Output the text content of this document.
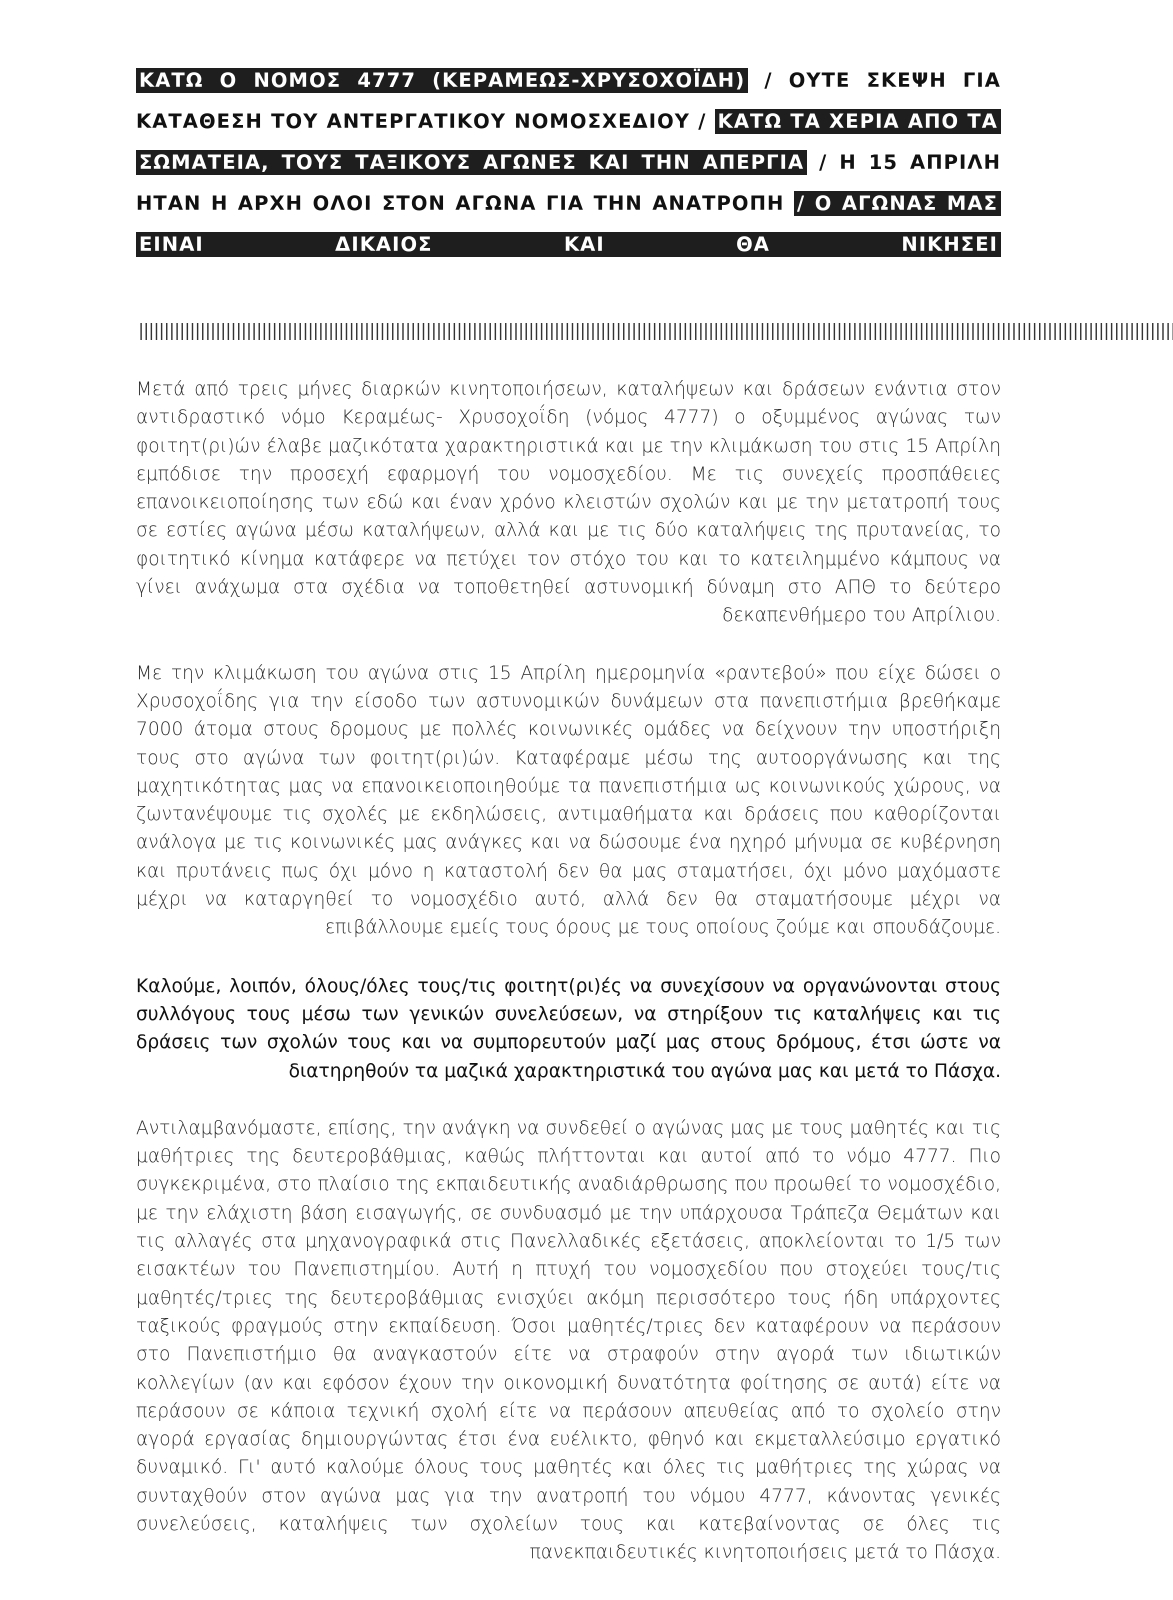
ΚΑΤΩ Ο ΝΟΜΟΣ 4777 (ΚΕΡΑΜΕΩΣ-ΧΡΥΣΟΧΟΪΔΗ) / ΟΥΤΕ ΣΚΕΨΗ ΓΙΑ ΚΑΤΑΘΕΣΗ ΤΟΥ ΑΝΤΕΡΓΑΤΙΚΟΥ ΝΟΜΟΣΧΕΔΙΟΥ / ΚΑΤΩ ΤΑ ΧΕΡΙΑ ΑΠΟ ΤΑ ΣΩΜΑΤΕΙΑ, ΤΟΥΣ ΤΑΞΙΚΟΥΣ ΑΓΩΝΕΣ ΚΑΙ ΤΗΝ ΑΠΕΡΓΙΑ / Η 15 ΑΠΡΙΛΗ ΗΤΑΝ Η ΑΡΧΗ ΟΛΟΙ ΣΤΟΝ ΑΓΩΝΑ ΓΙΑ ΤΗΝ ΑΝΑΤΡΟΠΗ / Ο ΑΓΩΝΑΣ ΜΑΣ ΕΙΝΑΙ ΔΙΚΑΙΟΣ ΚΑΙ ΘΑ ΝΙΚΗΣΕΙ

||||||||||||||||||||||||||||||||||||||||||||||||||||||||||||||||||||||||||||||||||||||||||||||||||||||||||||||||||||||||||||||||||||||||||||||||||||||||||||||||||||||||||||||||||||||||||||||||||||||||||

Μετά από τρεις μήνες διαρκών κινητοποιήσεων, καταλήψεων και δράσεων ενάντια στον αντιδραστικό νόμο Κεραμέως- Χρυσοχοΐδη (νόμος 4777) ο οξυμμένος αγώνας των φοιτητ(ρι)ών έλαβε μαζικότατα χαρακτηριστικά και με την κλιμάκωση του στις 15 Απρίλη εμπόδισε την προσεχή εφαρμογή του νομοσχεδίου. Με τις συνεχείς προσπάθειες επανοικειοποίησης των εδώ και έναν χρόνο κλειστών σχολών και με την μετατροπή τους σε εστίες αγώνα μέσω καταλήψεων, αλλά και με τις δύο καταλήψεις της πρυτανείας, το φοιτητικό κίνημα κατάφερε να πετύχει τον στόχο του και το κατειλημμένο κάμπους να γίνει ανάχωμα στα σχέδια να τοποθετηθεί αστυνομική δύναμη στο ΑΠΘ το δεύτερο δεκαπενθήμερο του Απρίλιου.

Με την κλιμάκωση του αγώνα στις 15 Απρίλη ημερομηνία «ραντεβού» που είχε δώσει ο Χρυσοχοΐδης για την είσοδο των αστυνομικών δυνάμεων στα πανεπιστήμια βρεθήκαμε 7000 άτομα στους δρομους με πολλές κοινωνικές ομάδες να δείχνουν την υποστήριξη τους στο αγώνα των φοιτητ(ρι)ών. Καταφέραμε μέσω της αυτοοργάνωσης και της μαχητικότητας μας να επανοικειοποιηθούμε τα πανεπιστήμια ως κοινωνικούς χώρους, να ζωντανέψουμε τις σχολές με εκδηλώσεις, αντιμαθήματα και δράσεις που καθορίζονται ανάλογα με τις κοινωνικές μας ανάγκες και να δώσουμε ένα ηχηρό μήνυμα σε κυβέρνηση και πρυτάνεις πως όχι μόνο η καταστολή δεν θα μας σταματήσει, όχι μόνο μαχόμαστε μέχρι να καταργηθεί το νομοσχέδιο αυτό, αλλά δεν θα σταματήσουμε μέχρι να επιβάλλουμε εμείς τους όρους με τους οποίους ζούμε και σπουδάζουμε.

Καλούμε, λοιπόν, όλους/όλες τους/τις φοιτητ(ρι)ές να συνεχίσουν να οργανώνονται στους συλλόγους τους μέσω των γενικών συνελεύσεων, να στηρίξουν τις καταλήψεις και τις δράσεις των σχολών τους και να συμπορευτούν μαζί μας στους δρόμους, έτσι ώστε να διατηρηθούν τα μαζικά χαρακτηριστικά του αγώνα μας και μετά το Πάσχα.

Αντιλαμβανόμαστε, επίσης, την ανάγκη να συνδεθεί ο αγώνας μας με τους μαθητές και τις μαθήτριες της δευτεροβάθμιας, καθώς πλήττονται και αυτοί από το νόμο 4777. Πιο συγκεκριμένα, στο πλαίσιο της εκπαιδευτικής αναδιάρθρωσης που προωθεί το νομοσχέδιο, με την ελάχιστη βάση εισαγωγής, σε συνδυασμό με την υπάρχουσα Τράπεζα Θεμάτων και τις αλλαγές στα μηχανογραφικά στις Πανελλαδικές εξετάσεις, αποκλείονται το 1/5 των εισακτέων του Πανεπιστημίου. Αυτή η πτυχή του νομοσχεδίου που στοχεύει τους/τις μαθητές/τριες της δευτεροβάθμιας ενισχύει ακόμη περισσότερο τους ήδη υπάρχοντες ταξικούς φραγμούς στην εκπαίδευση. Όσοι μαθητές/τριες δεν καταφέρουν να περάσουν στο Πανεπιστήμιο θα αναγκαστούν είτε να στραφούν στην αγορά των ιδιωτικών κολλεγίων (αν και εφόσον έχουν την οικονομική δυνατότητα φοίτησης σε αυτά) είτε να περάσουν σε κάποια τεχνική σχολή είτε να περάσουν απευθείας από το σχολείο στην αγορά εργασίας δημιουργώντας έτσι ένα ευέλικτο, φθηνό και εκμεταλλεύσιμο εργατικό δυναμικό. Γι' αυτό καλούμε όλους τους μαθητές και όλες τις μαθήτριες της χώρας να συνταχθούν στον αγώνα μας για την ανατροπή του νόμου 4777, κάνοντας γενικές συνελεύσεις, καταλήψεις των σχολείων τους και κατεβαίνοντας σε όλες τις πανεκπαιδευτικές κινητοποιήσεις μετά το Πάσχα.
